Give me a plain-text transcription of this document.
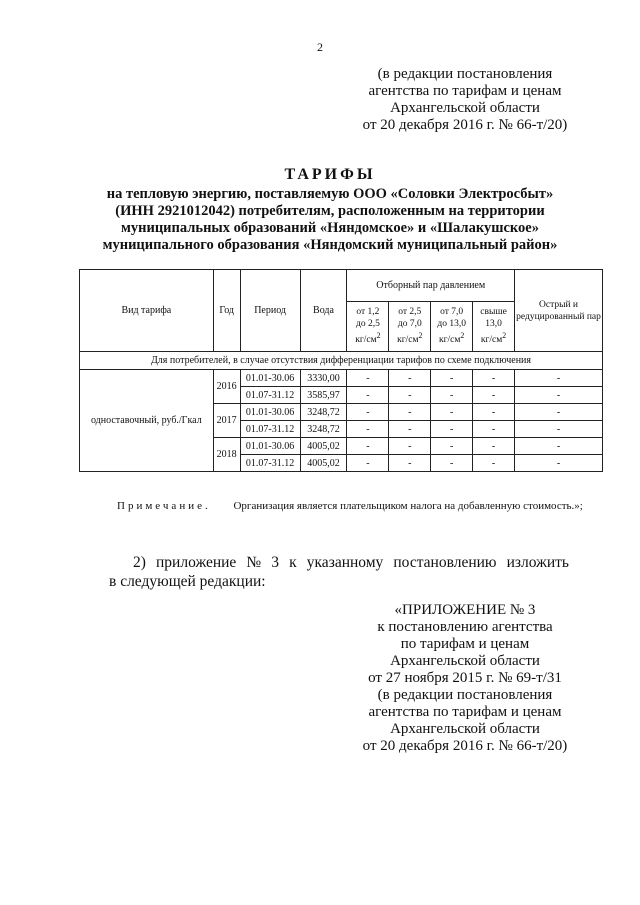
2
(в редакции постановления
агентства по тарифам и ценам
Архангельской области
от 20 декабря 2016 г. № 66-т/20)
ТАРИФЫ
на тепловую энергию, поставляемую ООО «Соловки Электросбыт»
(ИНН 2921012042) потребителям, расположенным на территории
муниципальных образований «Няндомское» и «Шалакушское»
муниципального образования «Няндомский муниципальный район»
Вид тарифа	Год	Период	Вода	Отборный пар давлением				Острый и редуцированный пар
				от 1,2
до 2,5
$кг/см^2$	от 2,5
до 7,0
$кг/см^2$	от 7,0
до 13,0
$кг/см^2$	свыше
13,0
$кг/см^2$
Для потребителей, в случае отсутствия дифференциации тарифов по схеме подключения								
одноставочный, руб./Гкал	2016	01.01-30.06	3330,00	-	-	-	-	-
		01.07-31.12	3585,97	-	-	-	-	-
	2017	01.01-30.06	3248,72	-	-	-	-	-
		01.07-31.12	3248,72	-	-	-	-	-
	2018	01.01-30.06	4005,02	-	-	-	-	-
		01.07-31.12	4005,02	-	-	-	-	-
Примечание. Организация является плательщиком налога на добавленную стоимость.»;
2) приложение № 3 к указанному постановлению изложить
в следующей редакции:
«ПРИЛОЖЕНИЕ № 3
к постановлению агентства
по тарифам и ценам
Архангельской области
от 27 ноября 2015 г. № 69-т/31
(в редакции постановления
агентства по тарифам и ценам
Архангельской области
от 20 декабря 2016 г. № 66-т/20)
